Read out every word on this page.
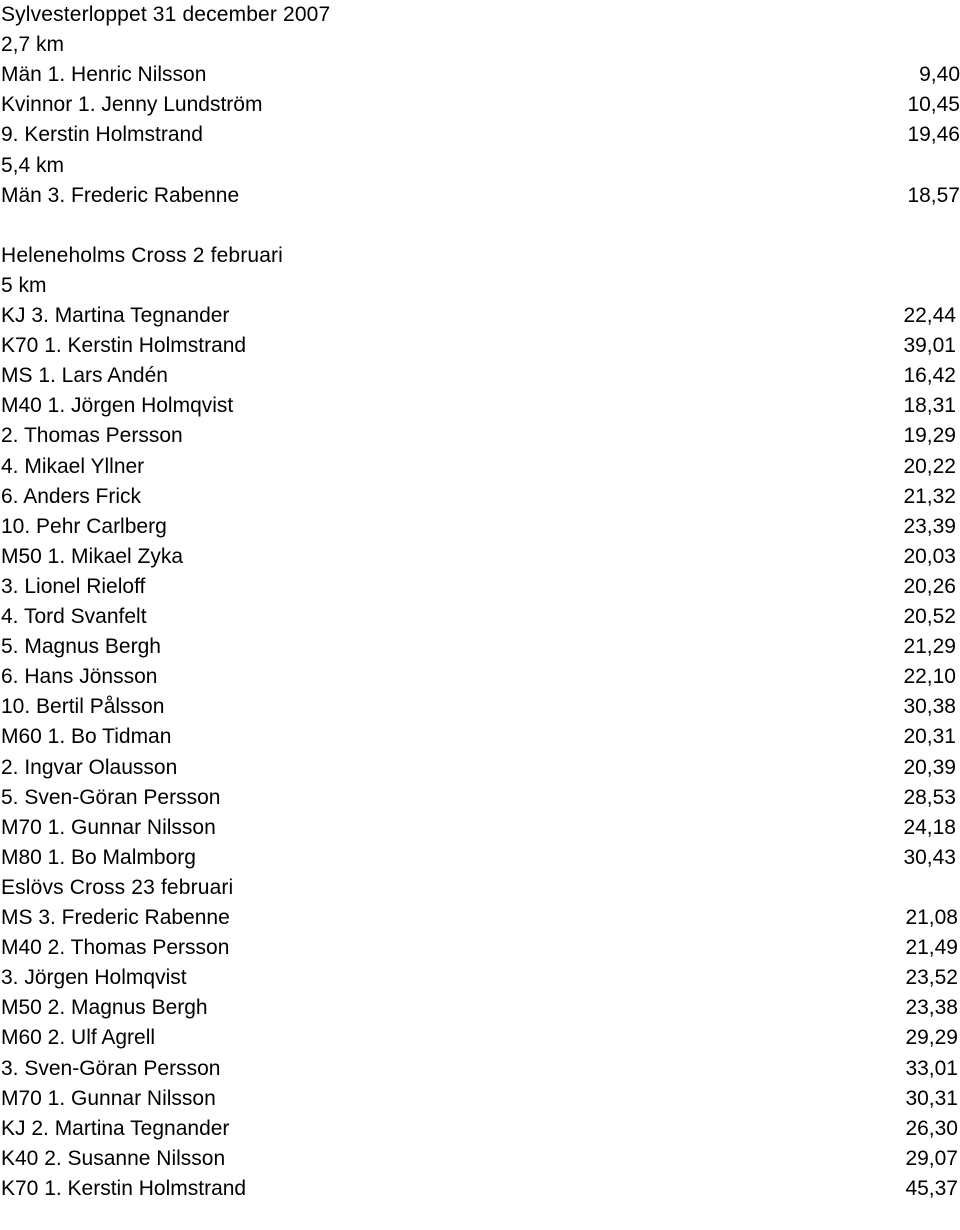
Sylvesterloppet 31 december 2007
2,7 km
Män 1. Henric Nilsson	9,40
Kvinnor 1. Jenny Lundström	10,45
9. Kerstin Holmstrand	19,46
5,4 km
Män 3. Frederic Rabenne	18,57
Heleneholms Cross 2 februari
5 km
KJ 3. Martina Tegnander	22,44
K70 1. Kerstin Holmstrand	39,01
MS 1. Lars Andén	16,42
M40 1. Jörgen Holmqvist	18,31
2. Thomas Persson	19,29
4. Mikael Yllner	20,22
6. Anders Frick	21,32
10. Pehr Carlberg	23,39
M50 1. Mikael Zyka	20,03
3. Lionel Rieloff	20,26
4. Tord Svanfelt	20,52
5. Magnus Bergh	21,29
6. Hans Jönsson	22,10
10. Bertil Pålsson	30,38
M60 1. Bo Tidman	20,31
2. Ingvar Olausson	20,39
5. Sven-Göran Persson	28,53
M70 1. Gunnar Nilsson	24,18
M80 1. Bo Malmborg	30,43
Eslövs Cross 23 februari
MS 3. Frederic Rabenne	21,08
M40 2. Thomas Persson	21,49
3. Jörgen Holmqvist	23,52
M50 2. Magnus Bergh	23,38
M60 2. Ulf Agrell	29,29
3. Sven-Göran Persson	33,01
M70 1. Gunnar Nilsson	30,31
KJ 2. Martina Tegnander	26,30
K40 2. Susanne Nilsson	29,07
K70 1. Kerstin Holmstrand	45,37
